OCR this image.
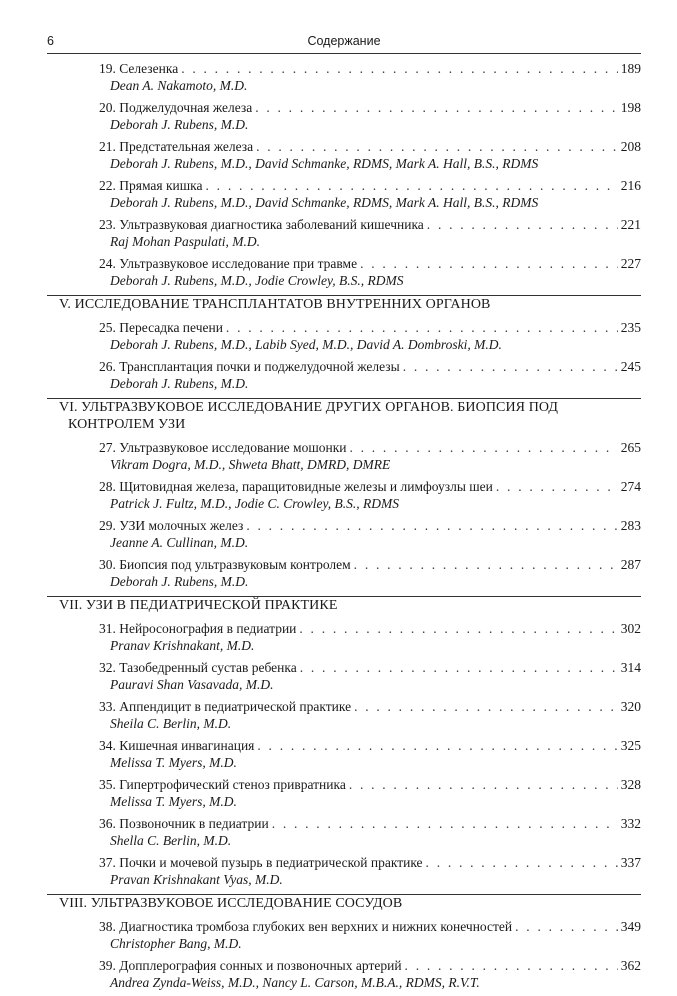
6	Содержание
19. Селезенка . . .	189
Dean A. Nakamoto, M.D.
20. Поджелудочная железа . . .	198
Deborah J. Rubens, M.D.
21. Предстательная железа . . .	208
Deborah J. Rubens, M.D., David Schmanke, RDMS, Mark A. Hall, B.S., RDMS
22. Прямая кишка . . .	216
Deborah J. Rubens, M.D., David Schmanke, RDMS, Mark A. Hall, B.S., RDMS
23. Ультразвуковая диагностика заболеваний кишечника . . .	221
Raj Mohan Paspulati, M.D.
24. Ультразвуковое исследование при травме . . .	227
Deborah J. Rubens, M.D., Jodie Crowley, B.S., RDMS
V. ИССЛЕДОВАНИЕ ТРАНСПЛАНТАТОВ ВНУТРЕННИХ ОРГАНОВ
25. Пересадка печени . . .	235
Deborah J. Rubens, M.D., Labib Syed, M.D., David A. Dombroski, M.D.
26. Трансплантация почки и поджелудочной железы . . .	245
Deborah J. Rubens, M.D.
VI. УЛЬТРАЗВУКОВОЕ ИССЛЕДОВАНИЕ ДРУГИХ ОРГАНОВ. БИОПСИЯ ПОД
КОНТРОЛЕМ УЗИ
27. Ультразвуковое исследование мошонки . . .	265
Vikram Dogra, M.D., Shweta Bhatt, DMRD, DMRE
28. Щитовидная железа, паращитовидные железы и лимфоузлы шеи . . .	274
Patrick J. Fultz, M.D., Jodie C. Crowley, B.S., RDMS
29. УЗИ молочных желез . . .	283
Jeanne A. Cullinan, M.D.
30. Биопсия под ультразвуковым контролем . . .	287
Deborah J. Rubens, M.D.
VII. УЗИ В ПЕДИАТРИЧЕСКОЙ ПРАКТИКЕ
31. Нейросонография в педиатрии . . .	302
Pranav Krishnakant, M.D.
32. Тазобедренный сустав ребенка . . .	314
Pauravi Shan Vasavada, M.D.
33. Аппендицит в педиатрической практике . . .	320
Sheila C. Berlin, M.D.
34. Кишечная инвагинация . . .	325
Melissa T. Myers, M.D.
35. Гипертрофический стеноз привратника . . .	328
Melissa T. Myers, M.D.
36. Позвоночник в педиатрии . . .	332
Shella C. Berlin, M.D.
37. Почки и мочевой пузырь в педиатрической практике . . .	337
Pravan Krishnakant Vyas, M.D.
VIII. УЛЬТРАЗВУКОВОЕ ИССЛЕДОВАНИЕ СОСУДОВ
38. Диагностика тромбоза глубоких вен верхних и нижних конечностей . . .	349
Christopher Bang, M.D.
39. Допплерография сонных и позвоночных артерий . . .	362
Andrea Zynda-Weiss, M.D., Nancy L. Carson, M.B.A., RDMS, R.V.T.
